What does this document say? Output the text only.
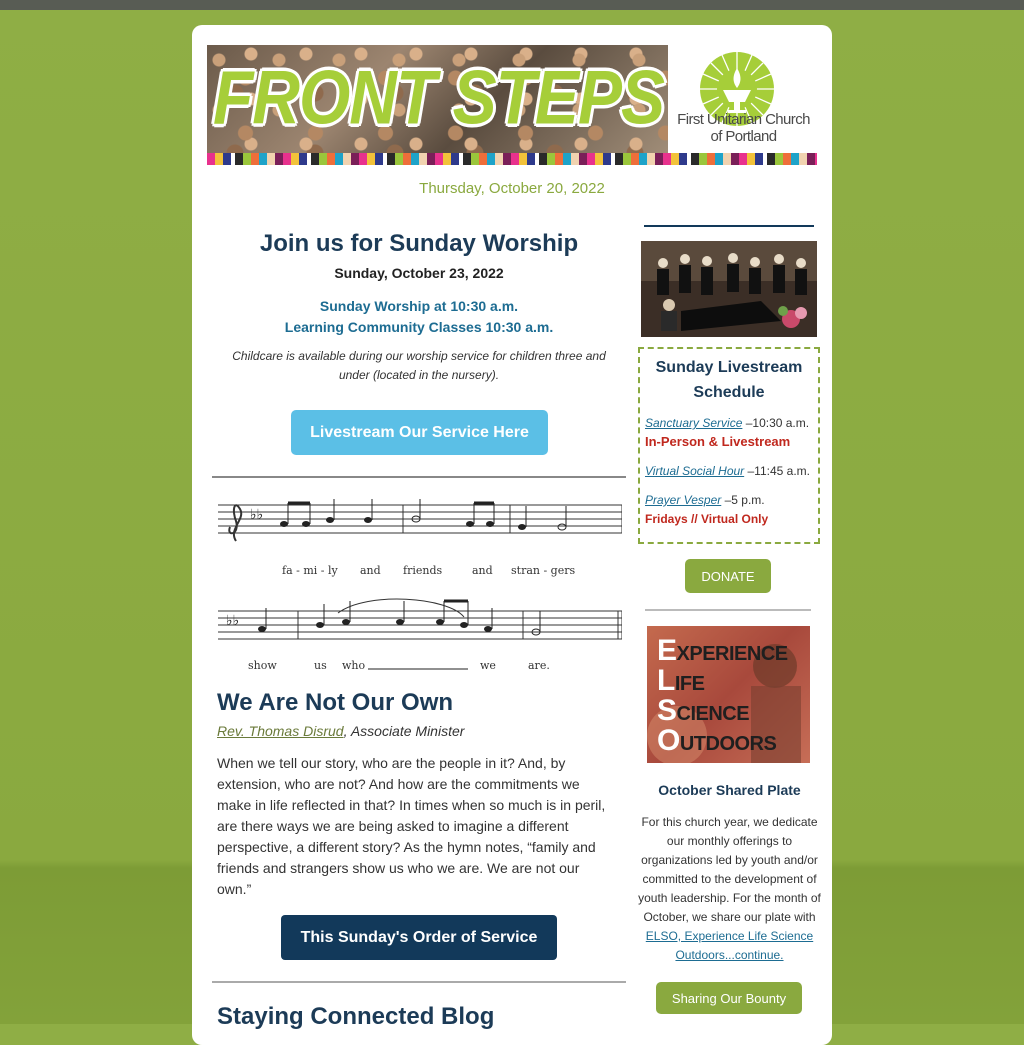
FRONT STEPS First Unitarian Church
of Portland
Thursday, October 20, 2022
Join us for Sunday Worship
Sunday, October 23, 2022
Sunday Worship at 10:30 a.m.
Learning Community Classes 10:30 a.m.
Childcare is available during our worship service for children three and under (located in the nursery).
Livestream Our Service Here
♭♭
♭♭
fa - mi - ly and friends	and stran - gers
show	us who	we	are.
We Are Not Our Own
Rev. Thomas Disrud, Associate Minister
When we tell our story, who are the people in it? And, by extension, who are not? And how are the commitments we make in life reflected in that? In times when so much is in peril, are there ways we are being asked to imagine a different perspective, a different story? As the hymn notes, “family and friends and strangers show us who we are. We are not our own.”
This Sunday's Order of Service
Staying Connected Blog
Sunday Livestream Schedule
Sanctuary Service –10:30 a.m.
In-Person & Livestream
Virtual Social Hour –11:45 a.m.
Prayer Vesper –5 p.m.
Fridays // Virtual Only
DONATE
EXPERIENCE
LIFE
SCIENCE
OUTDOORS
October Shared Plate
For this church year, we dedicate our monthly offerings to organizations led by youth and/or committed to the development of youth leadership. For the month of October, we share our plate with ELSO, Experience Life Science Outdoors...continue.
Sharing Our Bounty
